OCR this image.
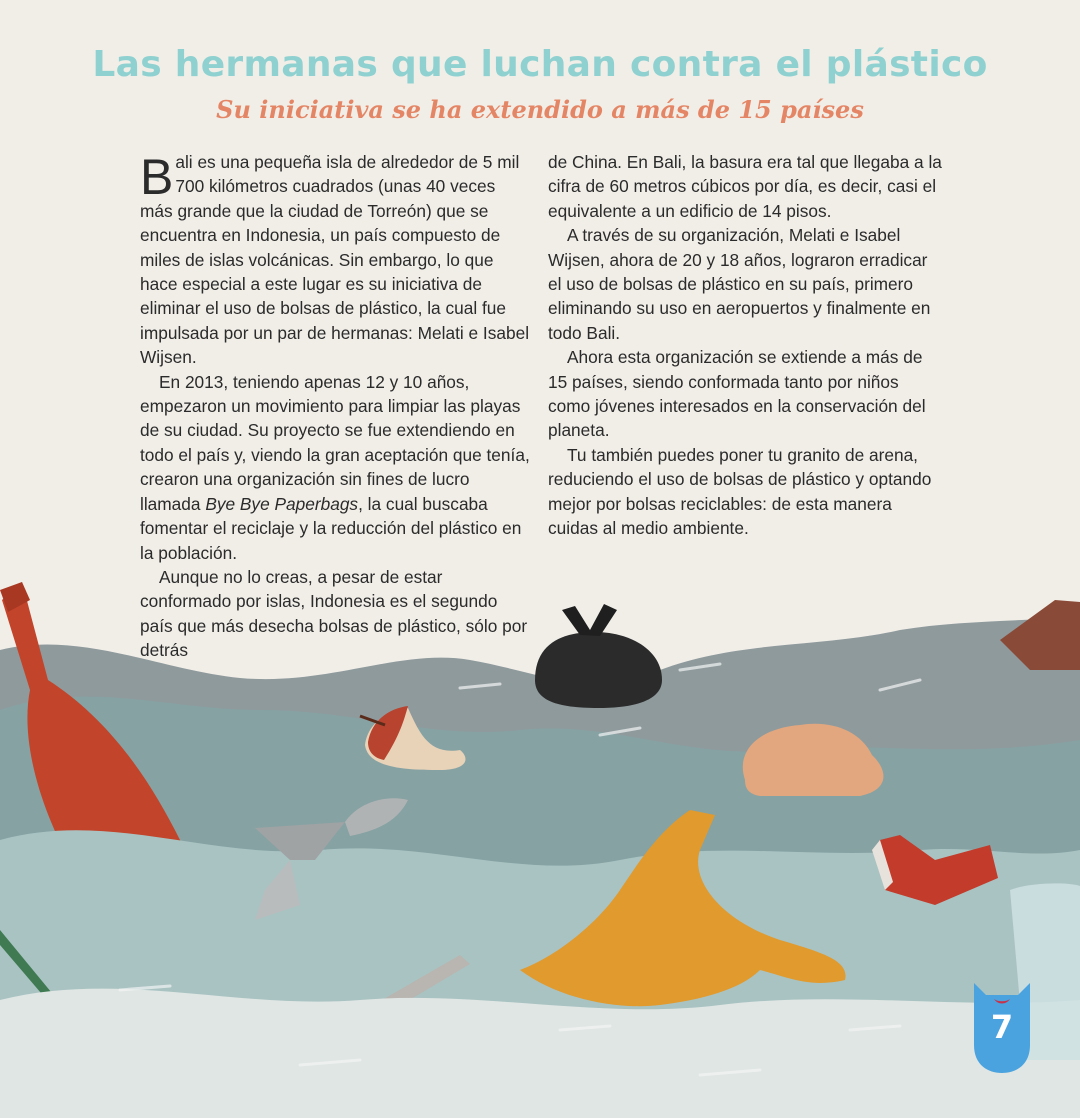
Las hermanas que luchan contra el plástico
Su iniciativa se ha extendido a más de 15 países

Bali es una pequeña isla de alrededor de 5 mil 700 kilómetros cuadrados (unas 40 veces más grande que la ciudad de Torreón) que se encuentra en Indonesia, un país compuesto de miles de islas volcánicas. Sin embargo, lo que hace especial a este lugar es su iniciativa de eliminar el uso de bolsas de plástico, la cual fue impulsada por un par de hermanas: Melati e Isabel Wijsen.

En 2013, teniendo apenas 12 y 10 años, empezaron un movimiento para limpiar las playas de su ciudad. Su proyecto se fue extendiendo en todo el país y, viendo la gran aceptación que tenía, crearon una organización sin fines de lucro llamada Bye Bye Paperbags, la cual buscaba fomentar el reciclaje y la reducción del plástico en la población.

Aunque no lo creas, a pesar de estar conformado por islas, Indonesia es el segundo país que más desecha bolsas de plástico, sólo por detrás

de China. En Bali, la basura era tal que llegaba a la cifra de 60 metros cúbicos por día, es decir, casi el equivalente a un edificio de 14 pisos.

A través de su organización, Melati e Isabel Wijsen, ahora de 20 y 18 años, lograron erradicar el uso de bolsas de plástico en su país, primero eliminando su uso en aeropuertos y finalmente en todo Bali.

Ahora esta organización se extiende a más de 15 países, siendo conformada tanto por niños como jóvenes interesados en la conservación del planeta.

Tu también puedes poner tu granito de arena, reduciendo el uso de bolsas de plástico y optando mejor por bolsas reciclables: de esta manera cuidas al medio ambiente.

7
